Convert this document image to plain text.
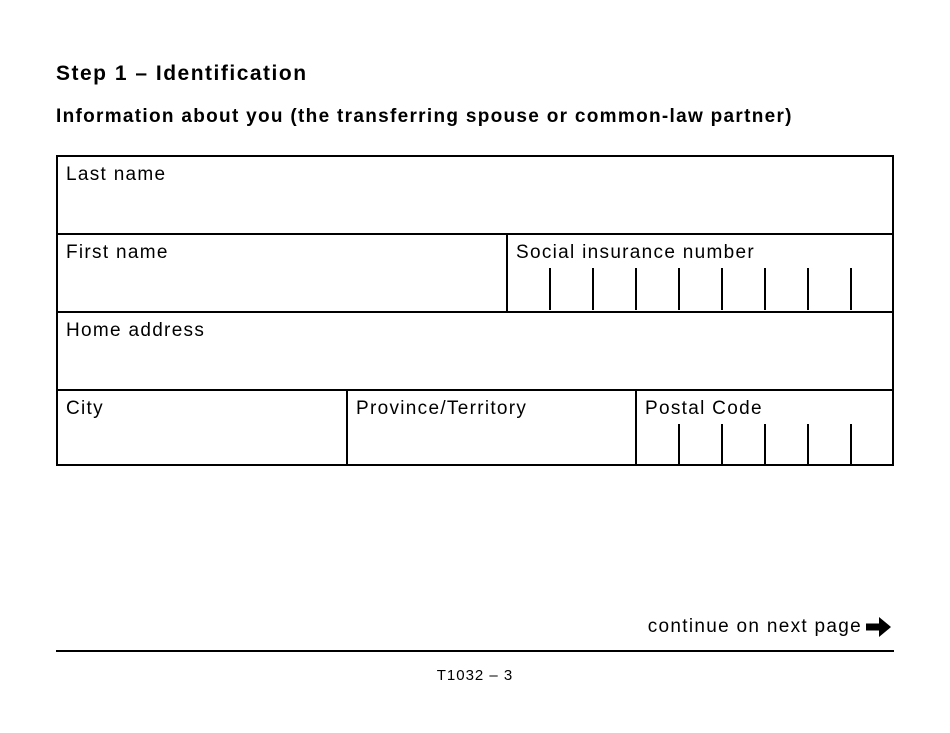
Step 1 – Identification
Information about you (the transferring spouse or common-law partner)
Last name
First name	Social insurance number
Home address
City	Province/Territory	Postal Code
continue on next page
T1032 – 3
